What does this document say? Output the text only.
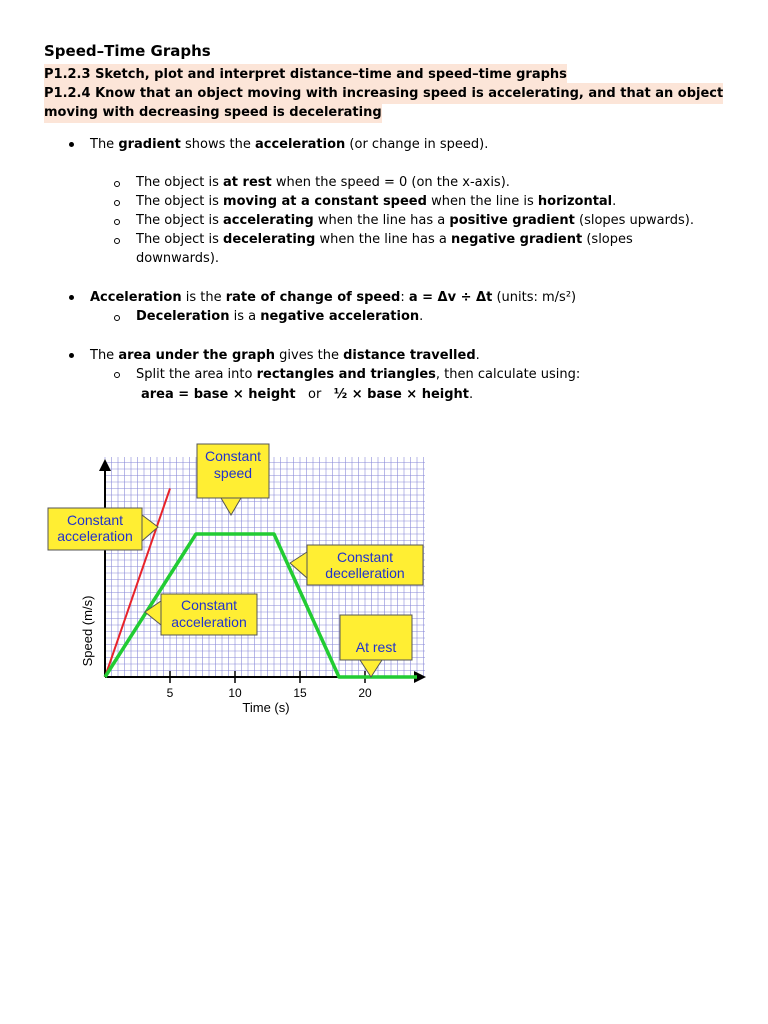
Speed–Time Graphs
P1.2.3 Sketch, plot and interpret distance–time and speed–time graphs
P1.2.4 Know that an object moving with increasing speed is accelerating, and that an object
moving with decreasing speed is decelerating
The gradient shows the acceleration (or change in speed).
The object is at rest when the speed = 0 (on the x-axis).
The object is moving at a constant speed when the line is horizontal.
The object is accelerating when the line has a positive gradient (slopes upwards).
The object is decelerating when the line has a negative gradient (slopes
downwards).
Acceleration is the rate of change of speed: a = Δv ÷ Δt (units: m/s²)
Deceleration is a negative acceleration.
The area under the graph gives the distance travelled.
Split the area into rectangles and triangles, then calculate using:
area = base × height or ½ × base × height.
5	10	15	20
Constant
speed
Constant
acceleration
Constant
decelleration
Constant
acceleration
At rest
Time (s)
Speed (m/s)
